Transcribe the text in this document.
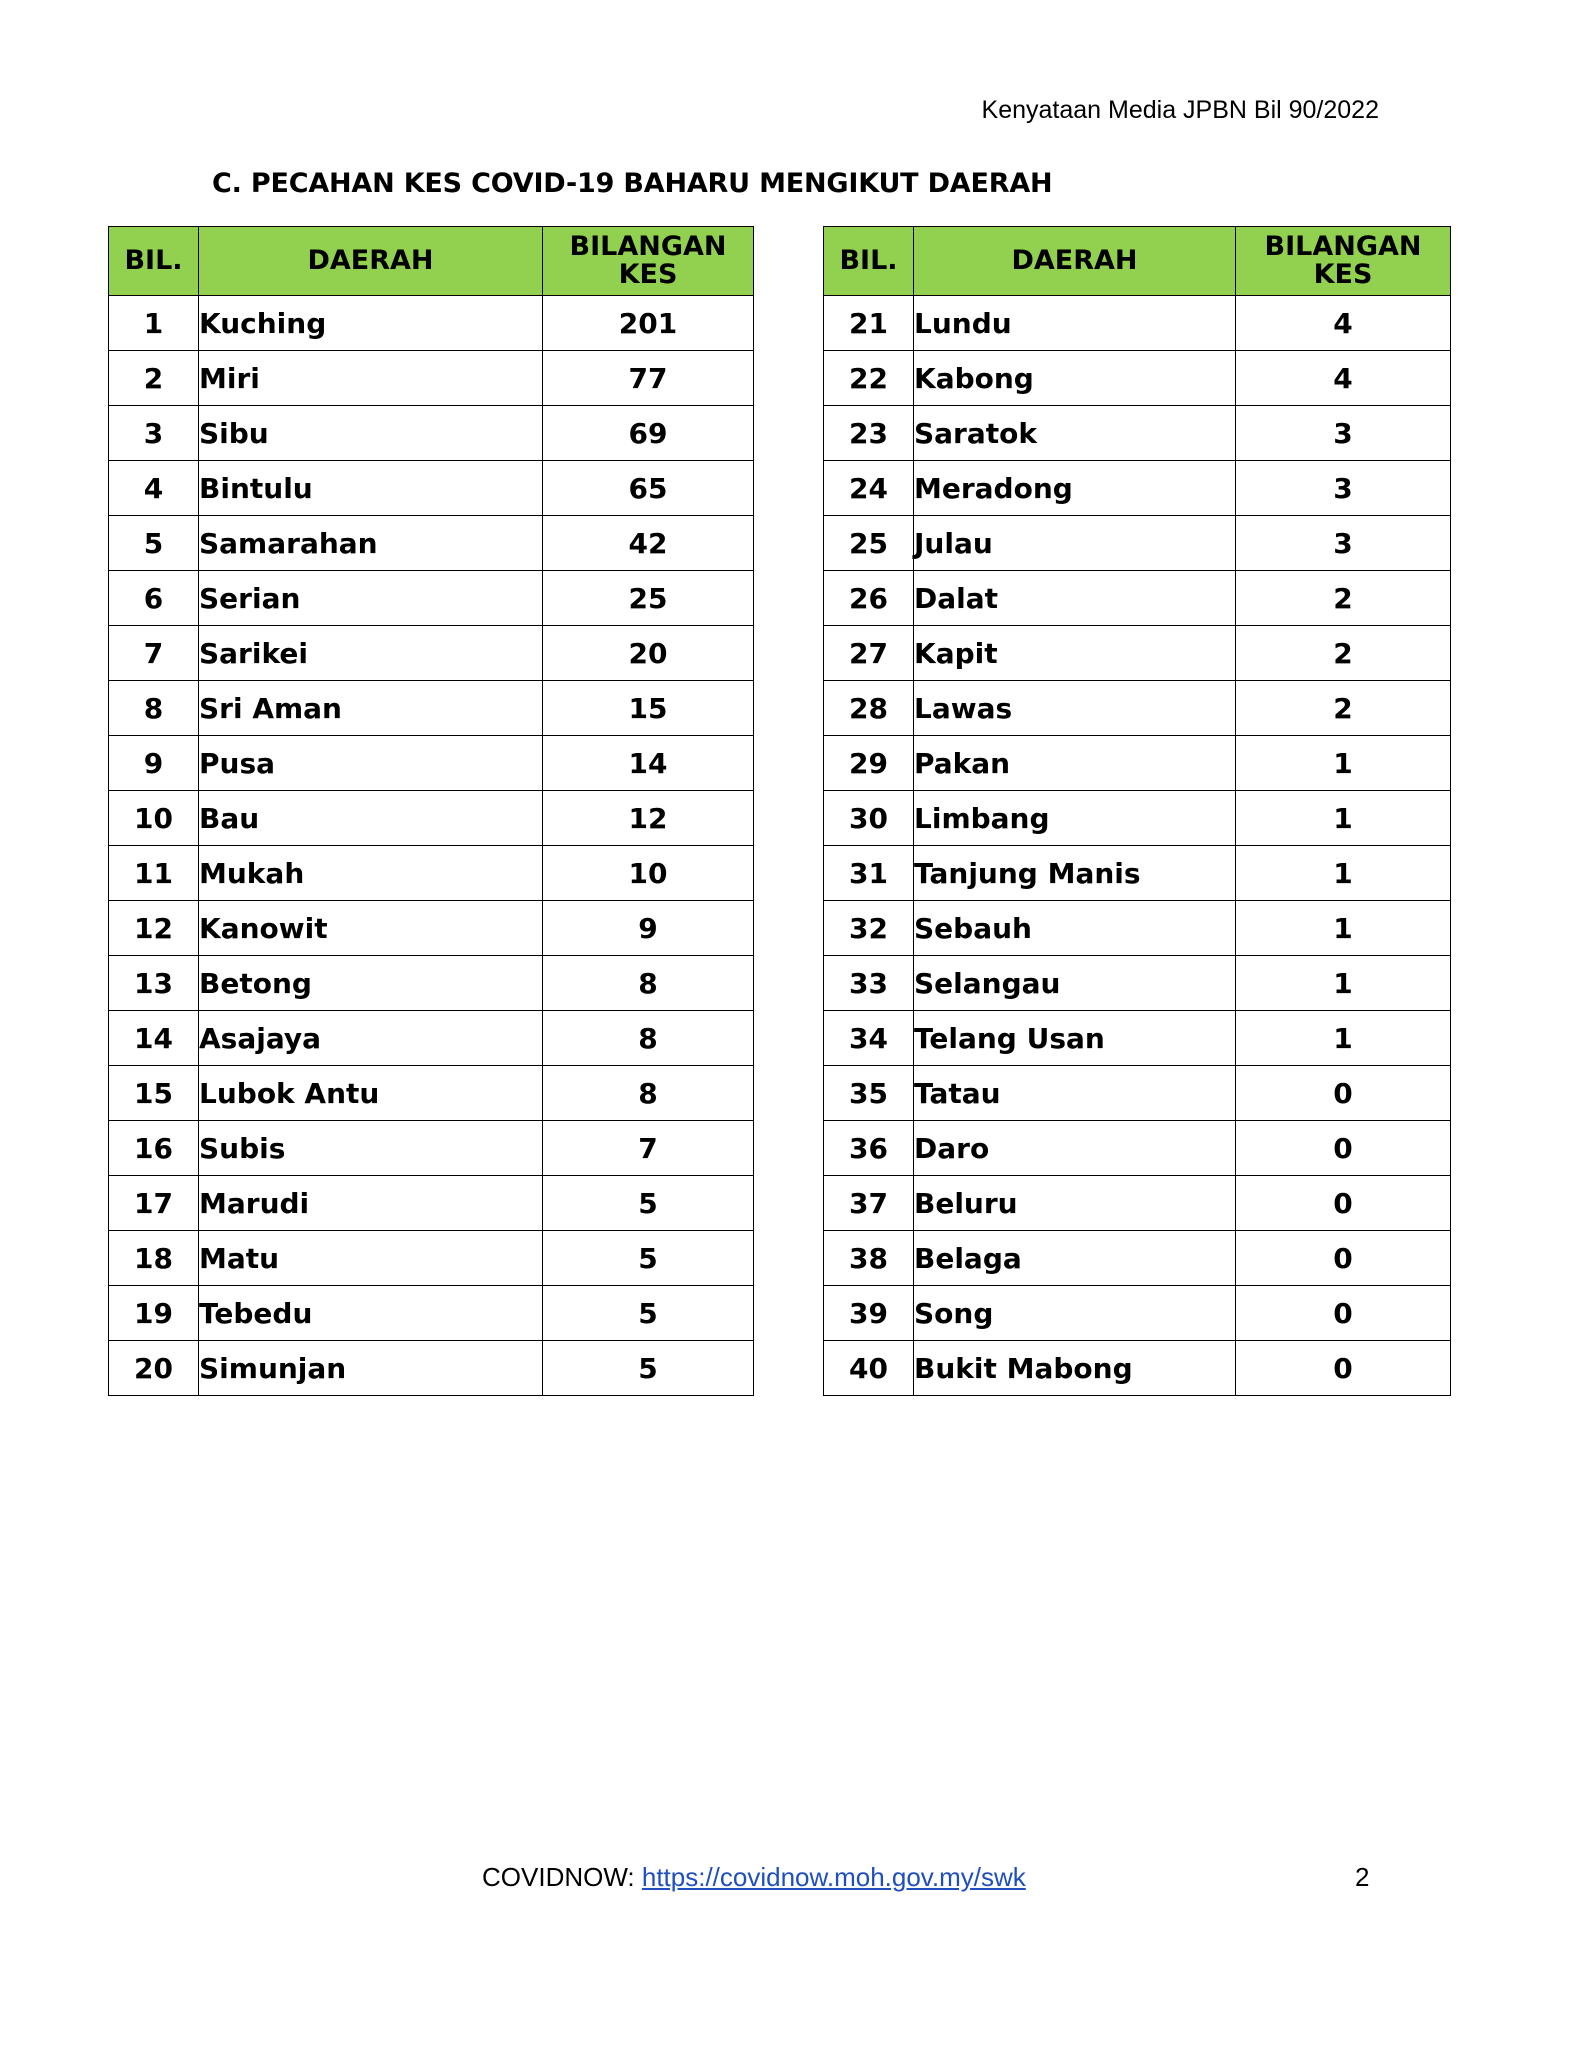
Kenyataan Media JPBN Bil 90/2022
C. PECAHAN KES COVID-19 BAHARU MENGIKUT DAERAH
BIL.	DAERAH	BILANGAN KES
1	Kuching	201
2	Miri	77
3	Sibu	69
4	Bintulu	65
5	Samarahan	42
6	Serian	25
7	Sarikei	20
8	Sri Aman	15
9	Pusa	14
10	Bau	12
11	Mukah	10
12	Kanowit	9
13	Betong	8
14	Asajaya	8
15	Lubok Antu	8
16	Subis	7
17	Marudi	5
18	Matu	5
19	Tebedu	5
20	Simunjan	5
BIL.	DAERAH	BILANGAN KES
21	Lundu	4
22	Kabong	4
23	Saratok	3
24	Meradong	3
25	Julau	3
26	Dalat	2
27	Kapit	2
28	Lawas	2
29	Pakan	1
30	Limbang	1
31	Tanjung Manis	1
32	Sebauh	1
33	Selangau	1
34	Telang Usan	1
35	Tatau	0
36	Daro	0
37	Beluru	0
38	Belaga	0
39	Song	0
40	Bukit Mabong	0
COVIDNOW: https://covidnow.moh.gov.my/swk	2
